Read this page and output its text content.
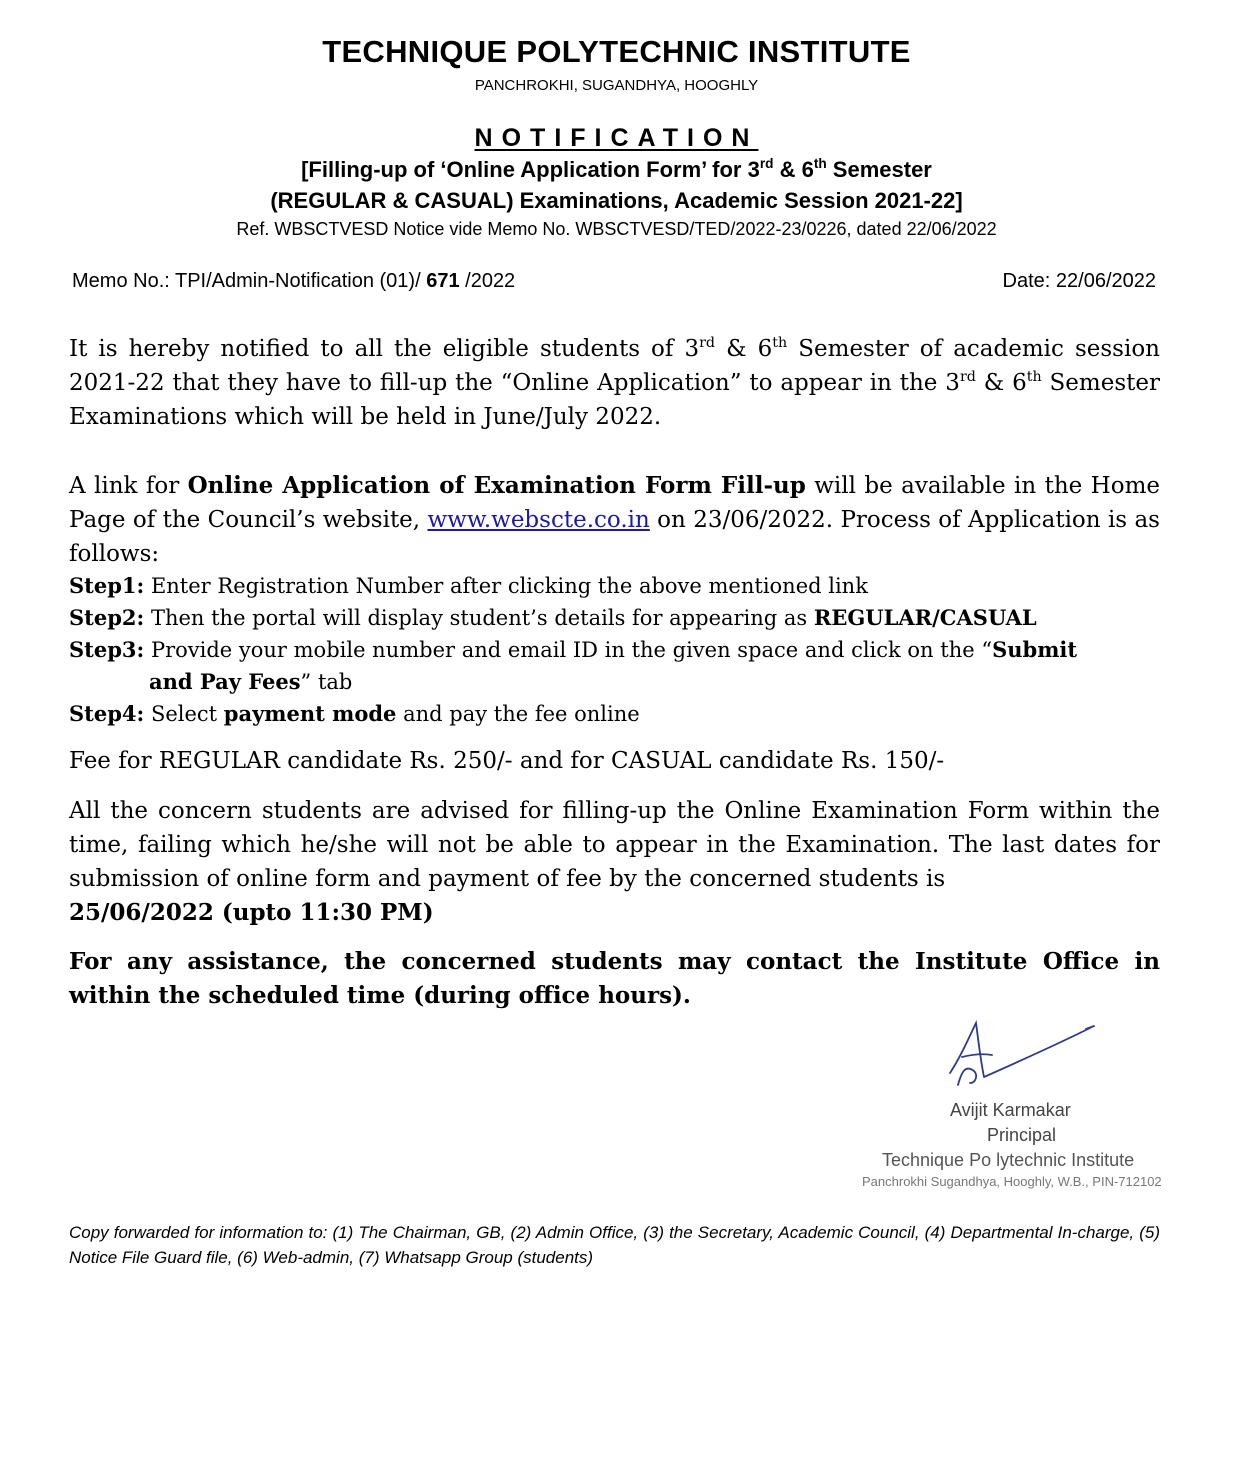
TECHNIQUE POLYTECHNIC INSTITUTE
PANCHROKHI, SUGANDHYA, HOOGHLY
NOTIFICATION
[Filling-up of ‘Online Application Form’ for 3rd & 6th Semester
(REGULAR & CASUAL) Examinations, Academic Session 2021-22]
Ref. WBSCTVESD Notice vide Memo No. WBSCTVESD/TED/2022-23/0226, dated 22/06/2022
Memo No.: TPI/Admin-Notification (01)/ 671 /2022	Date: 22/06/2022

It is hereby notified to all the eligible students of 3rd & 6th Semester of academic session 2021-22 that they have to fill-up the “Online Application” to appear in the 3rd & 6th Semester Examinations which will be held in June/July 2022.

A link for Online Application of Examination Form Fill-up will be available in the Home Page of the Council’s website, www.webscte.co.in on 23/06/2022. Process of Application is as follows:

Step1: Enter Registration Number after clicking the above mentioned link

Step2: Then the portal will display student’s details for appearing as REGULAR/CASUAL

Step3: Provide your mobile number and email ID in the given space and click on the “Submit

and Pay Fees” tab

Step4: Select payment mode and pay the fee online

Fee for REGULAR candidate Rs. 250/- and for CASUAL candidate Rs. 150/-

All the concern students are advised for filling-up the Online Examination Form within the time, failing which he/she will not be able to appear in the Examination. The last dates for submission of online form and payment of fee by the concerned students is
25/06/2022 (upto 11:30 PM)

For any assistance, the concerned students may contact the Institute Office in within the scheduled time (during office hours).

Avijit Karmakar
Principal
Technique Po lytechnic Institute
Panchrokhi Sugandhya, Hooghly, W.B., PIN-712102

Copy forwarded for information to: (1) The Chairman, GB, (2) Admin Office, (3) the Secretary, Academic Council, (4) Departmental In-charge, (5) Notice File Guard file, (6) Web-admin, (7) Whatsapp Group (students)
